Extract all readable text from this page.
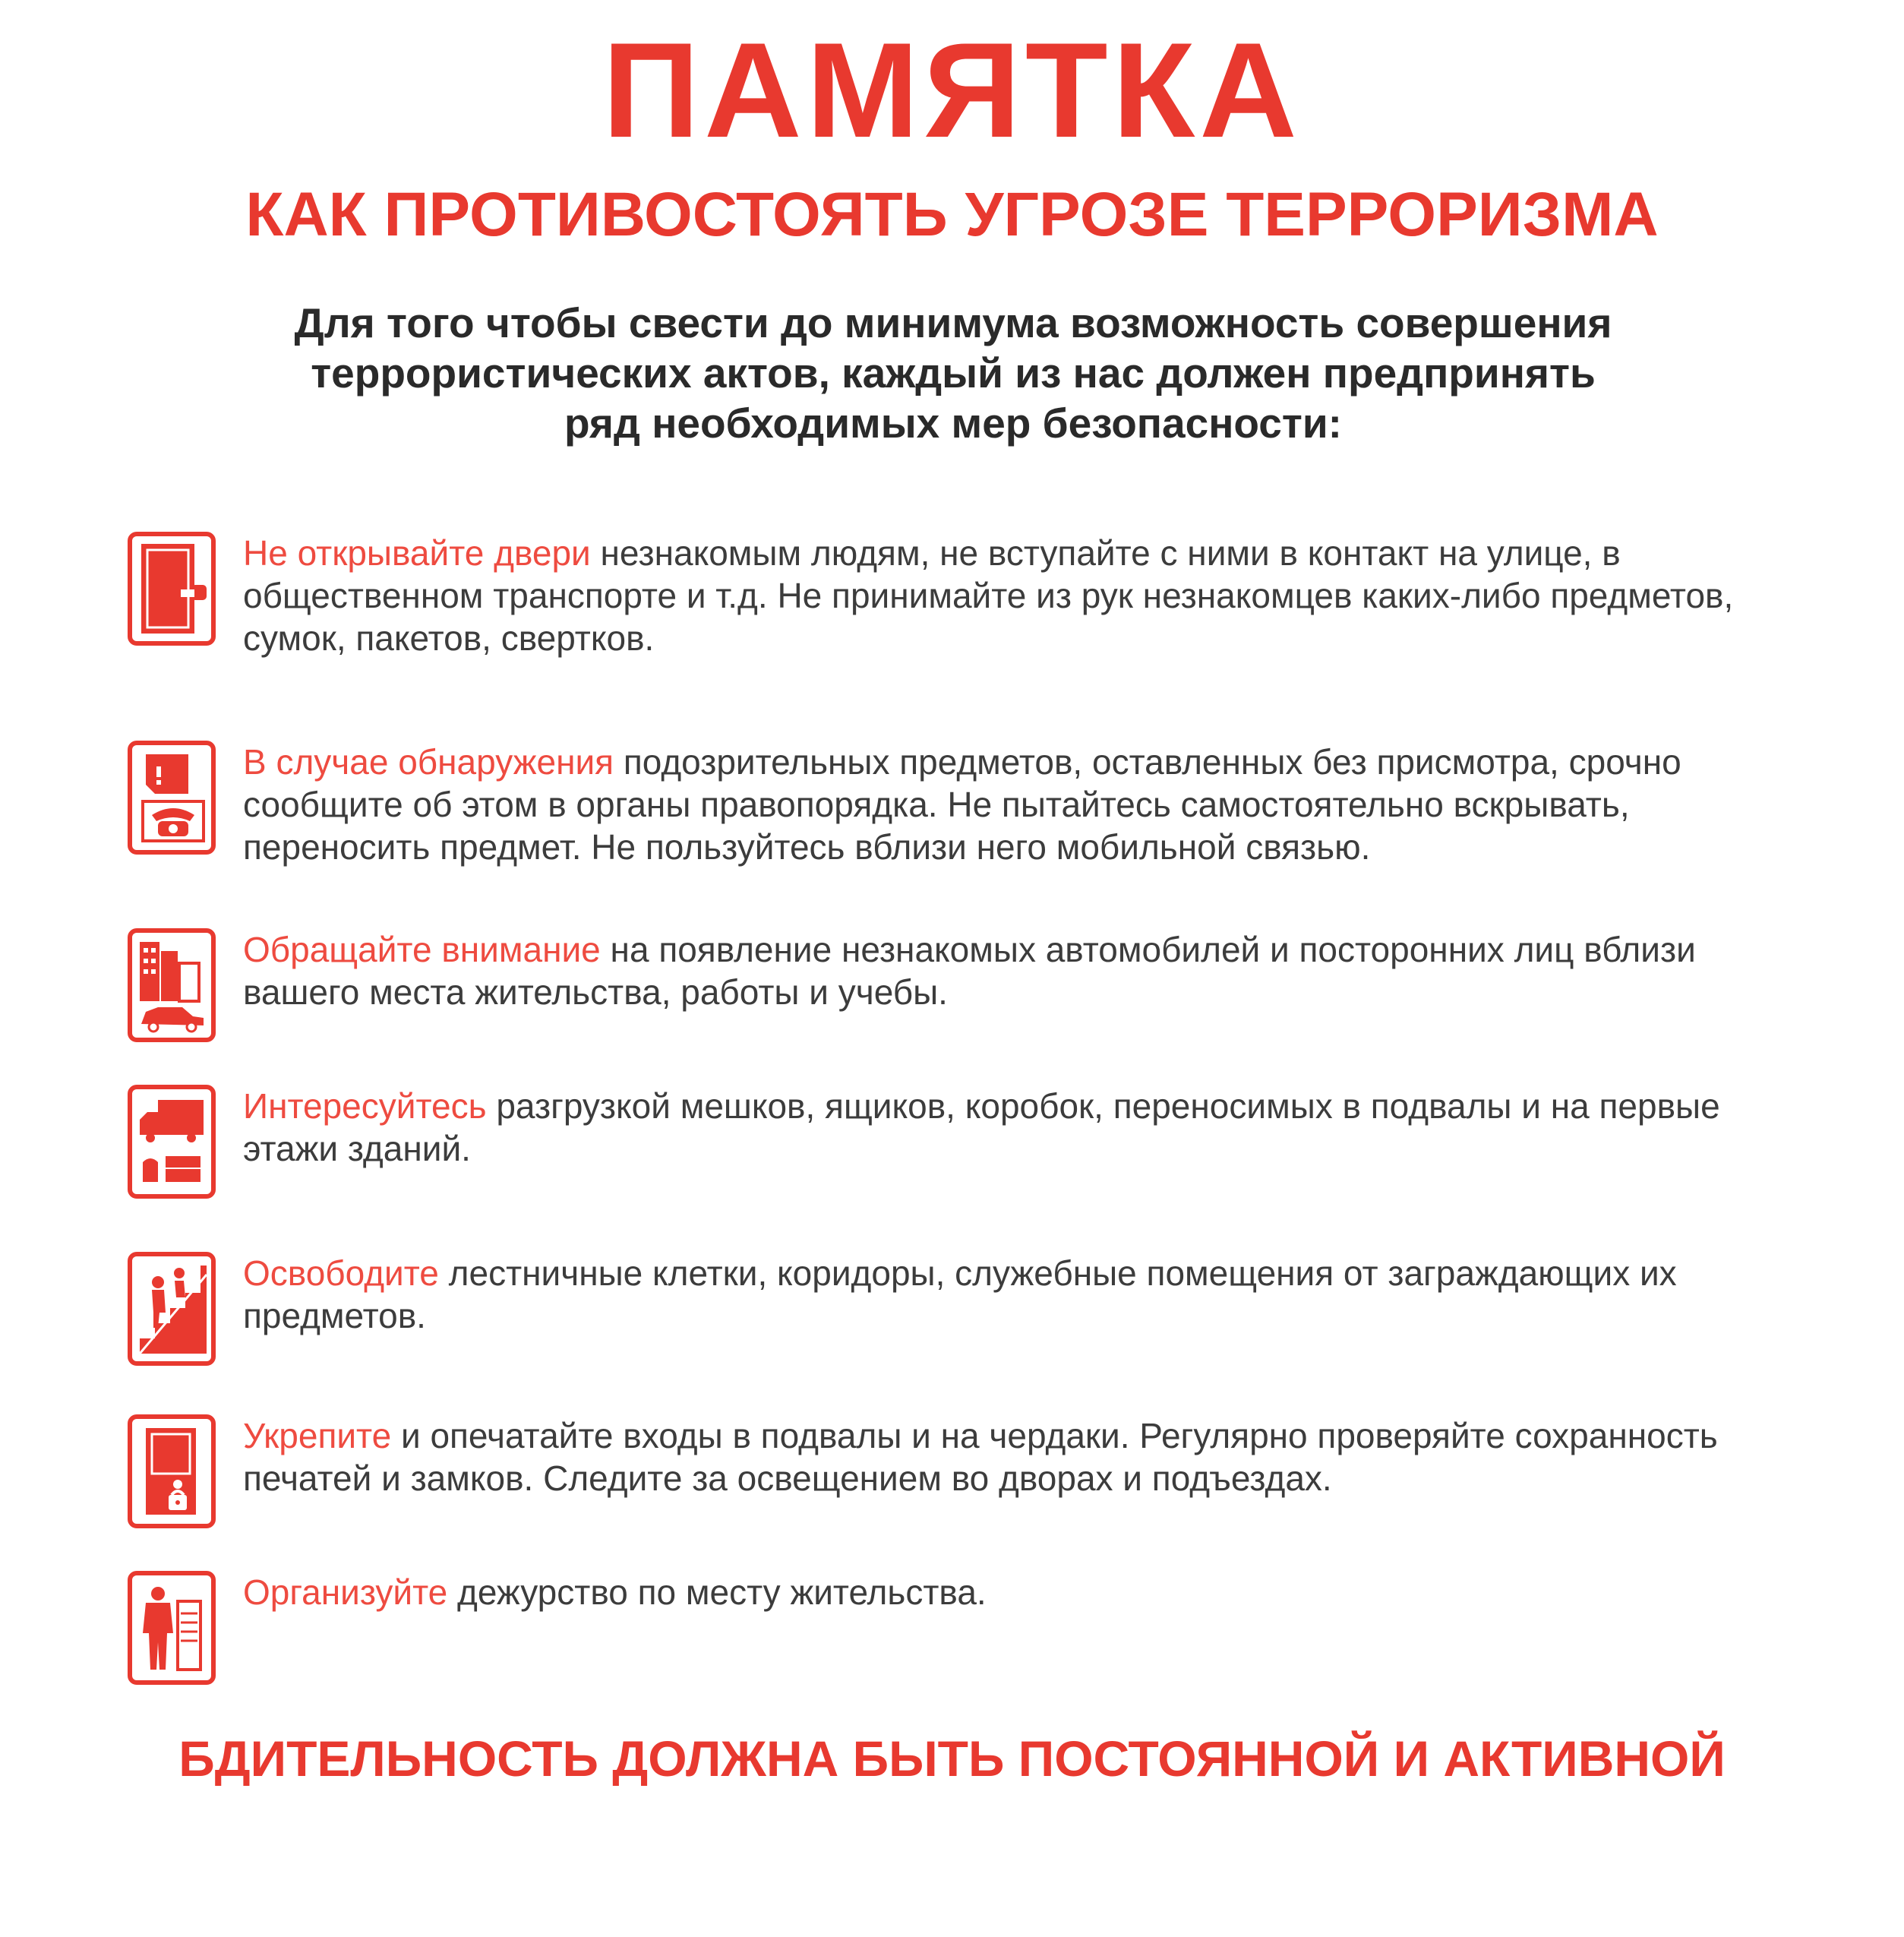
ПАМЯТКА
КАК ПРОТИВОСТОЯТЬ УГРОЗЕ ТЕРРОРИЗМА
Для того чтобы свести до минимума возможность совершения
террористических актов, каждый из нас должен предпринять
ряд необходимых мер безопасности:
Не открывайте двери незнакомым людям, не вступайте с ними в контакт на улице, в общественном транспорте и т.д. Не принимайте из рук незнакомцев каких-либо предметов, сумок, пакетов, свертков.
В случае обнаружения подозрительных предметов, оставленных без присмотра, срочно сообщите об этом в органы правопорядка. Не пытайтесь самостоятельно вскрывать, переносить предмет. Не пользуйтесь вблизи него мобильной связью.
Обращайте внимание на появление незнакомых автомобилей и посторонних лиц вблизи вашего места жительства, работы и учебы.
Интересуйтесь разгрузкой мешков, ящиков, коробок, переносимых в подвалы и на первые этажи зданий.
Освободите лестничные клетки, коридоры, служебные помещения от заграждающих их предметов.
Укрепите и опечатайте входы в подвалы и на чердаки. Регулярно проверяйте сохранность печатей и замков. Следите за освещением во дворах и подъездах.
Организуйте дежурство по месту жительства.
БДИТЕЛЬНОСТЬ ДОЛЖНА БЫТЬ ПОСТОЯННОЙ И АКТИВНОЙ
